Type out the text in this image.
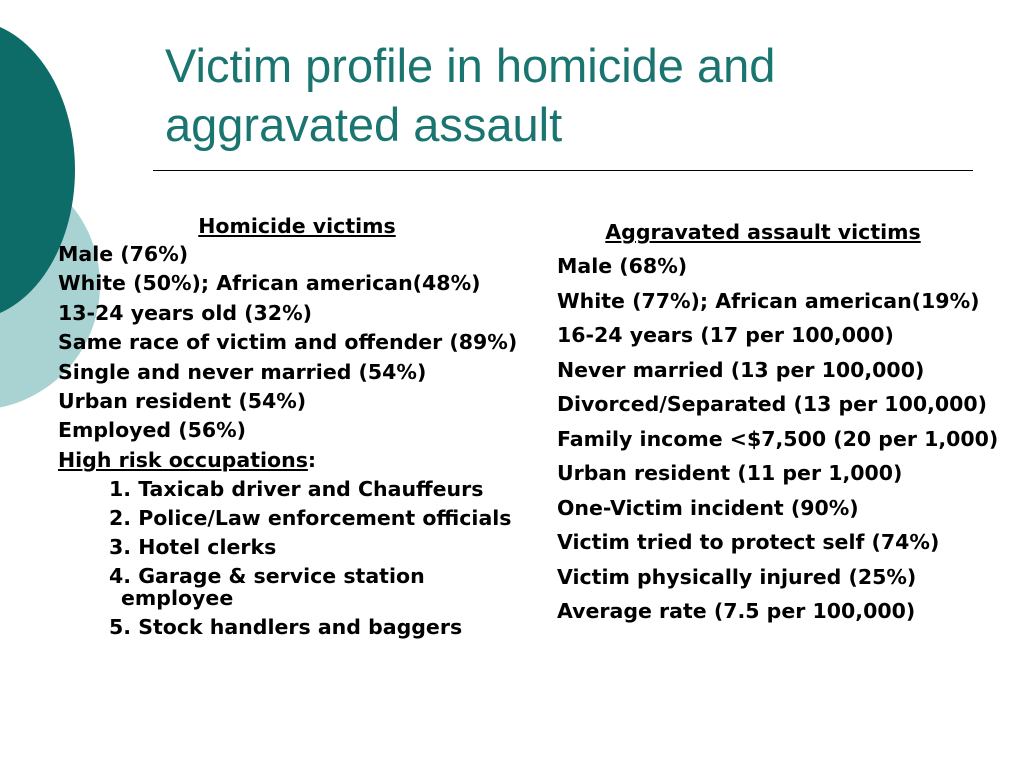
Victim profile in homicide and
aggravated assault
Homicide victims
Male (76%)
White (50%); African american(48%)
13-24 years old (32%)
Same race of victim and offender (89%)
Single and never married (54%)
Urban resident (54%)
Employed (56%)
High risk occupations:
1. Taxicab driver and Chauffeurs
2. Police/Law enforcement officials
3. Hotel clerks
4. Garage & service station employee
5. Stock handlers and baggers
Aggravated assault victims
Male (68%)
White (77%); African american(19%)
16-24 years (17 per 100,000)
Never married (13 per 100,000)
Divorced/Separated (13 per 100,000)
Family income <$7,500 (20 per 1,000)
Urban resident (11 per 1,000)
One-Victim incident (90%)
Victim tried to protect self (74%)
Victim physically injured (25%)
Average rate (7.5 per 100,000)
